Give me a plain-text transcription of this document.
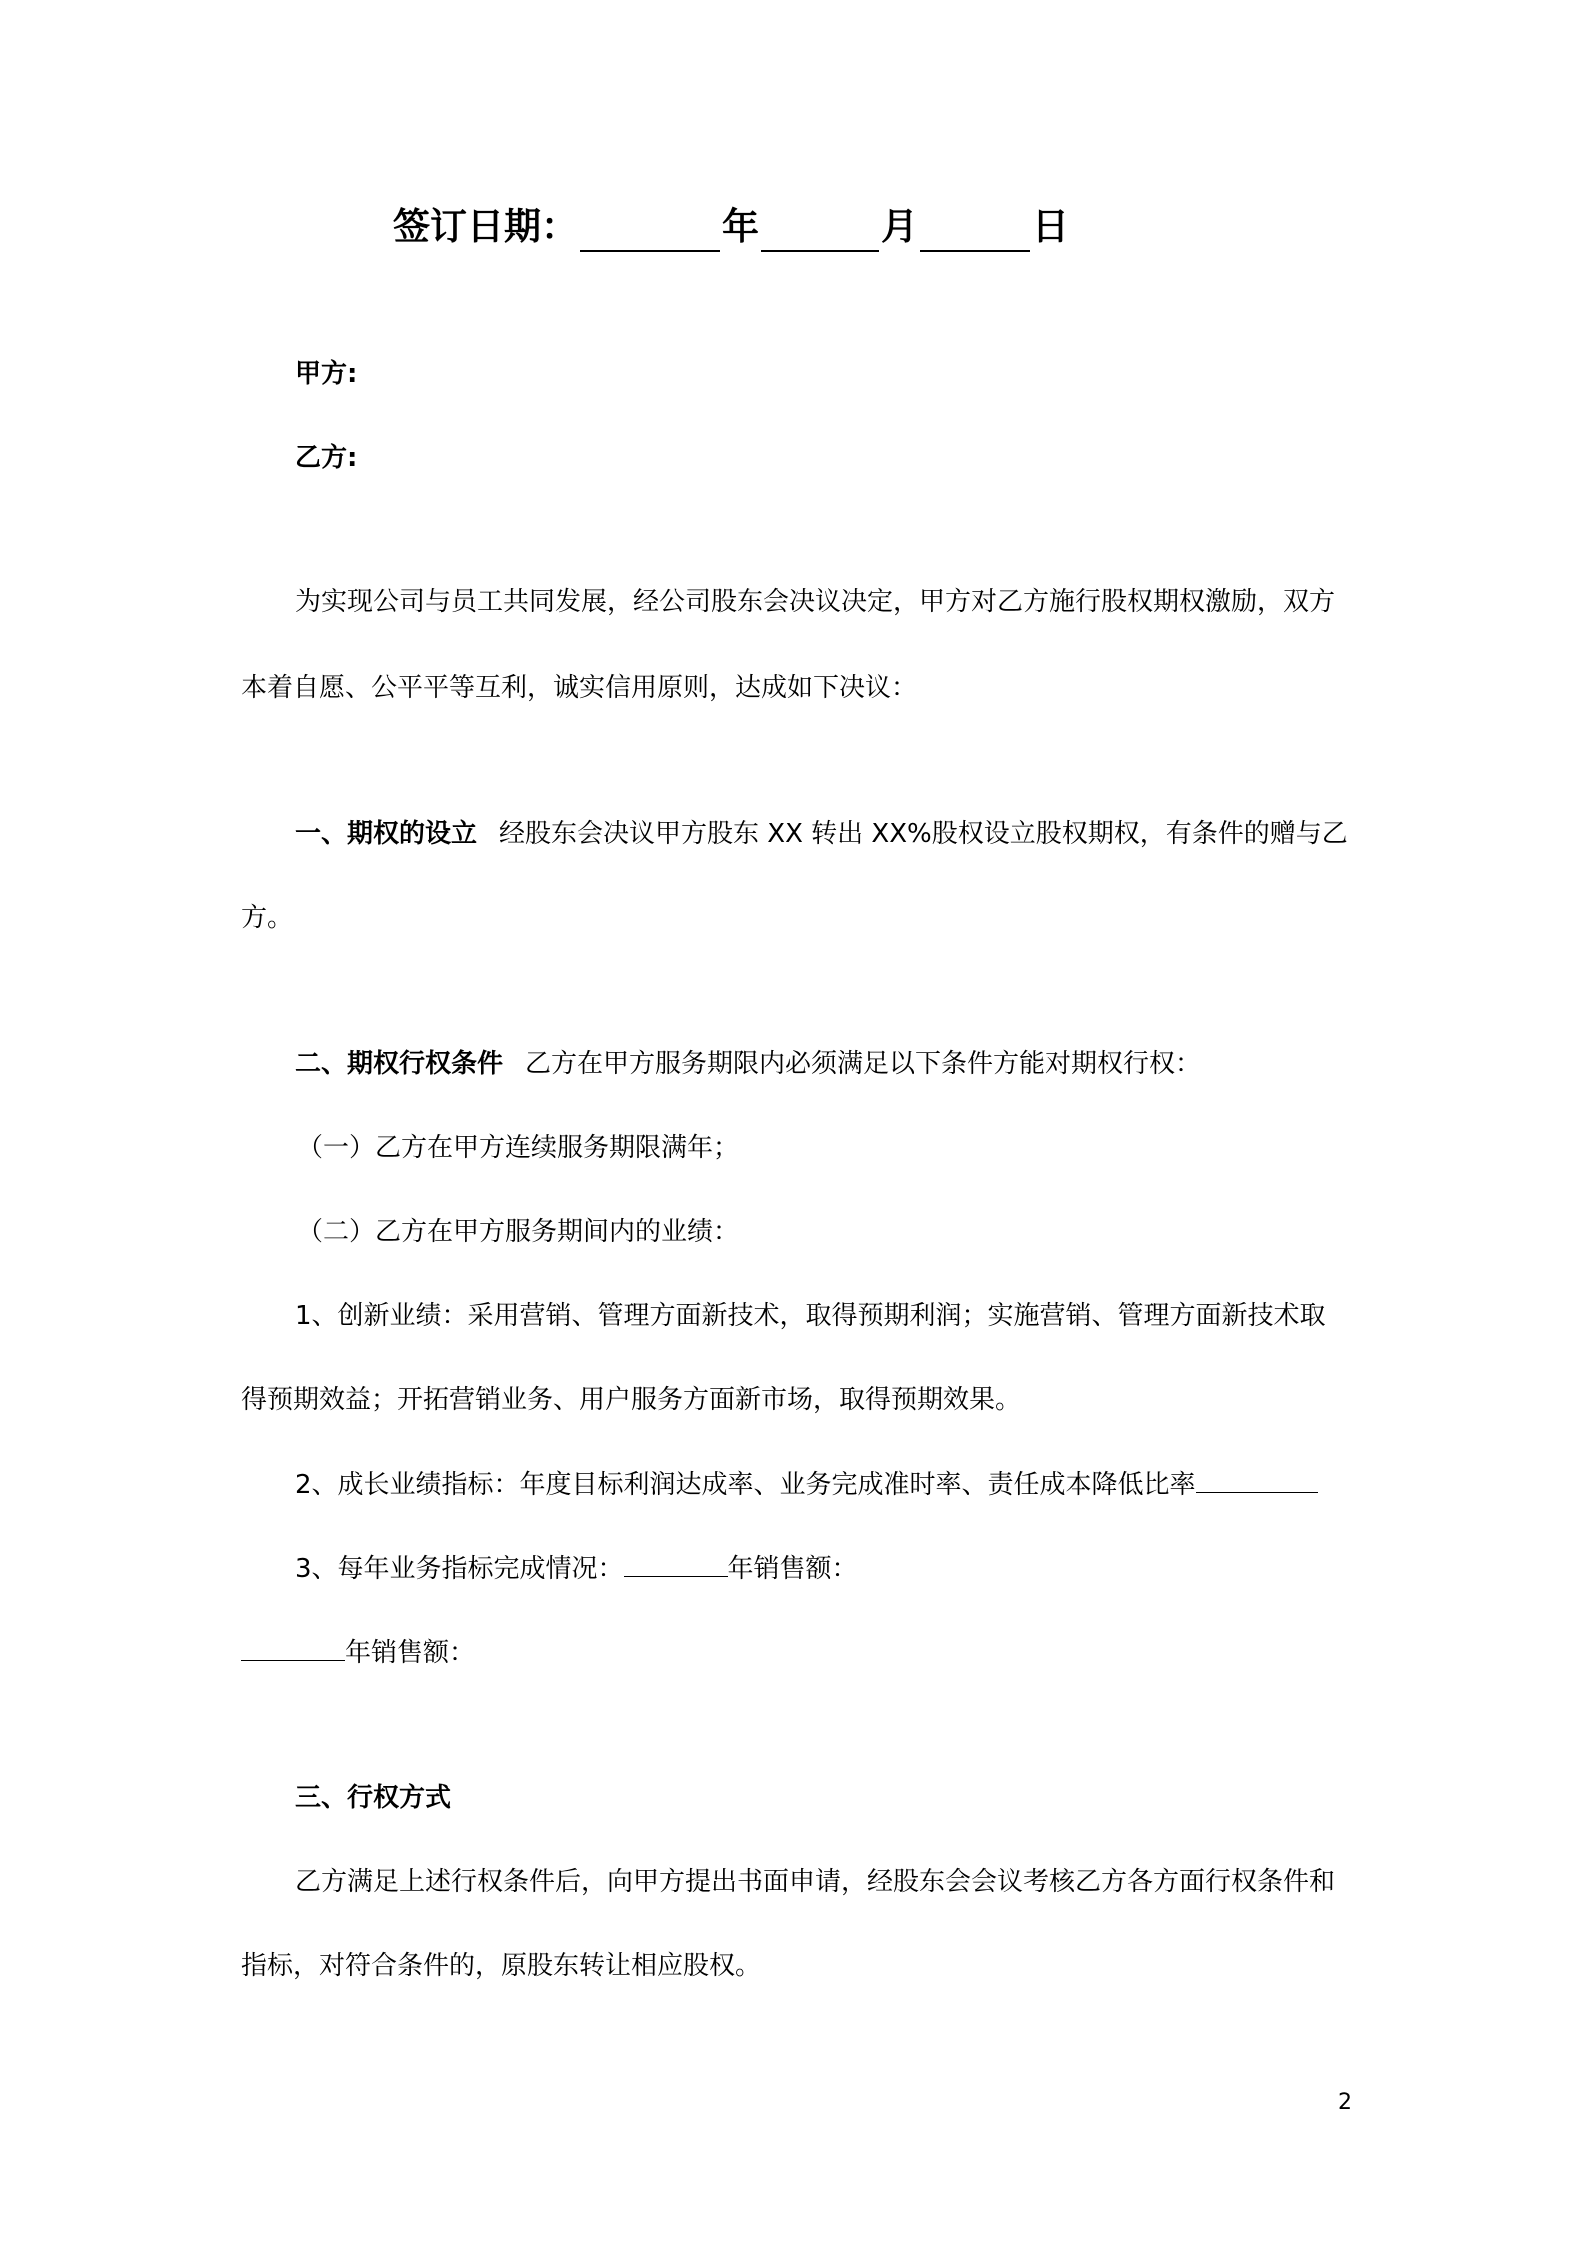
签订日期：	年	月	日
甲方:
乙方:
为实现公司与员工共同发展，经公司股东会决议决定，甲方对乙方施行股权期权激励，双方
本着自愿、公平平等互利，诚实信用原则，达成如下决议：
一、期权的设立 经股东会决议甲方股东 XX 转出 XX%股权设立股权期权，有条件的赠与乙
方。
二、期权行权条件 乙方在甲方服务期限内必须满足以下条件方能对期权行权：
（一）乙方在甲方连续服务期限满年；
（二）乙方在甲方服务期间内的业绩：
1、创新业绩：采用营销、管理方面新技术，取得预期利润；实施营销、管理方面新技术取
得预期效益；开拓营销业务、用户服务方面新市场，取得预期效果。
2、成长业绩指标：年度目标利润达成率、业务完成准时率、责任成本降低比率
3、每年业务指标完成情况：	年销售额：
年销售额：
三、行权方式
乙方满足上述行权条件后，向甲方提出书面申请，经股东会会议考核乙方各方面行权条件和
指标，对符合条件的，原股东转让相应股权。
2
